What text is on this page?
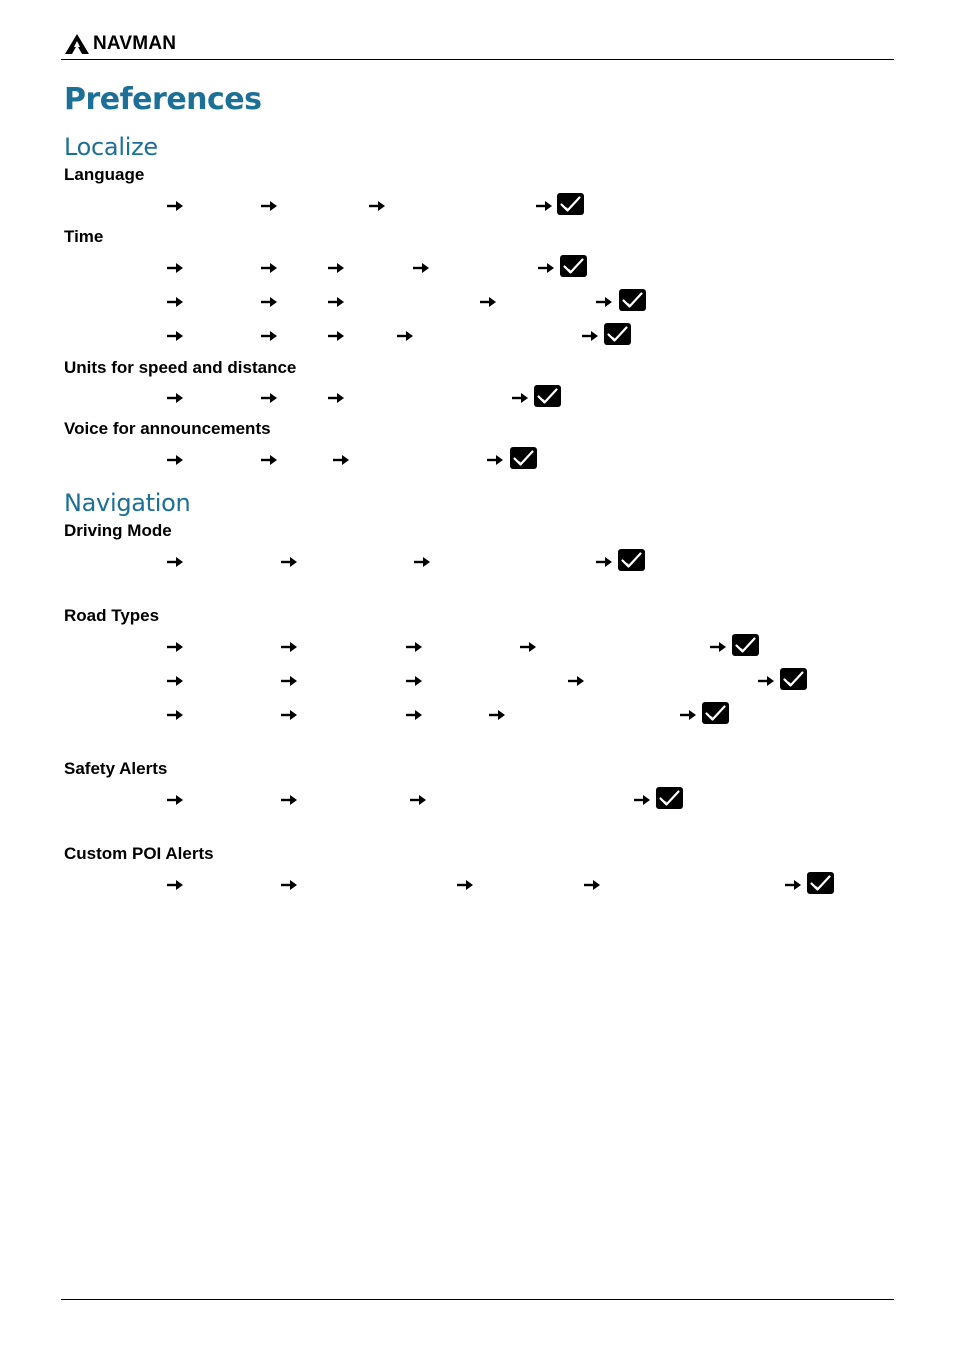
NAVMAN
Preferences
Localize
Language
Time
Units for speed and distance
Voice for announcements
Navigation
Driving Mode
Road Types
Safety Alerts
Custom POI Alerts
